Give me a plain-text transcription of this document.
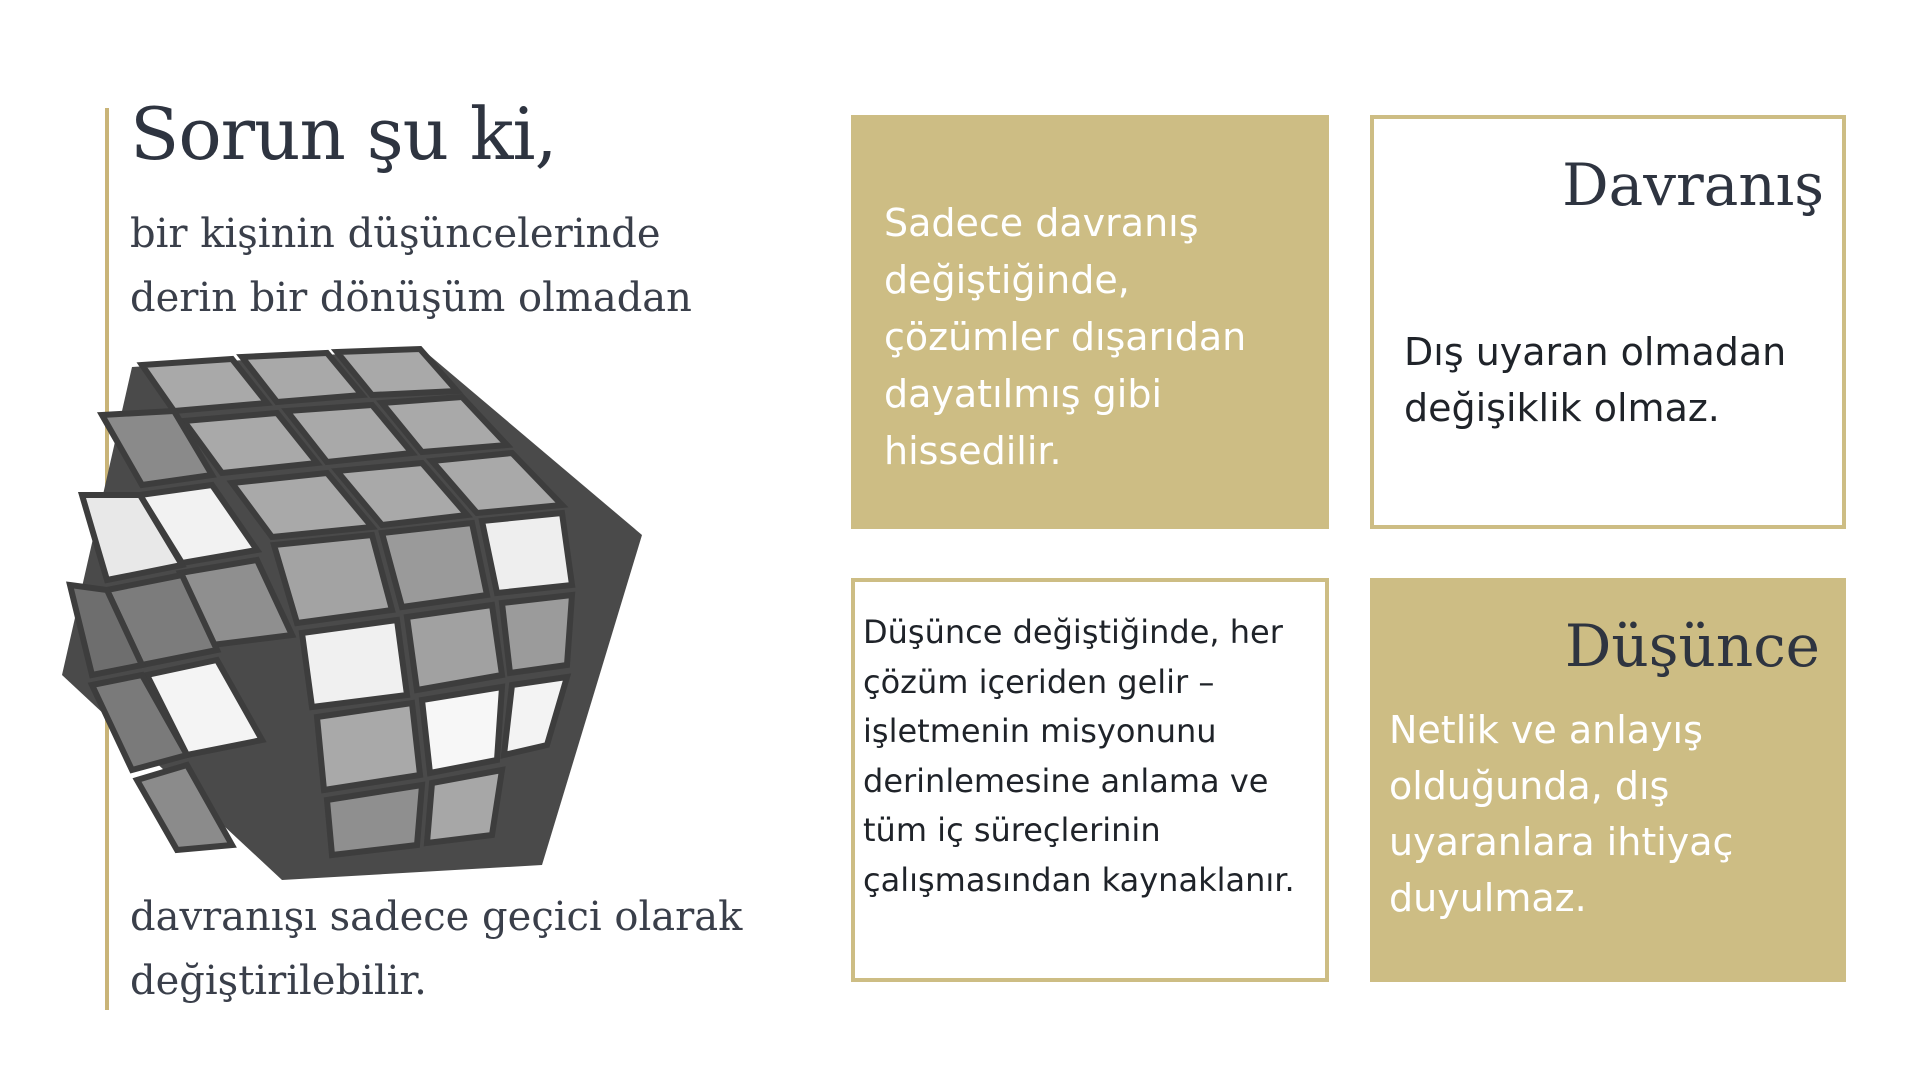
Sorun şu ki,

bir kişinin düşüncelerinde derin bir dönüşüm olmadan

davranışı sadece geçici olarak değiştirilebilir.

Sadece davranış değiştiğinde, çözümler dışarıdan dayatılmış gibi hissedilir.
Davranış
Dış uyaran olmadan değişiklik olmaz.
Düşünce değiştiğinde, her çözüm içeriden gelir – işletmenin misyonunu derinlemesine anlama ve tüm iç süreçlerinin çalışmasından kaynaklanır.
Düşünce
Netlik ve anlayış olduğunda, dış uyaranlara ihtiyaç duyulmaz.
